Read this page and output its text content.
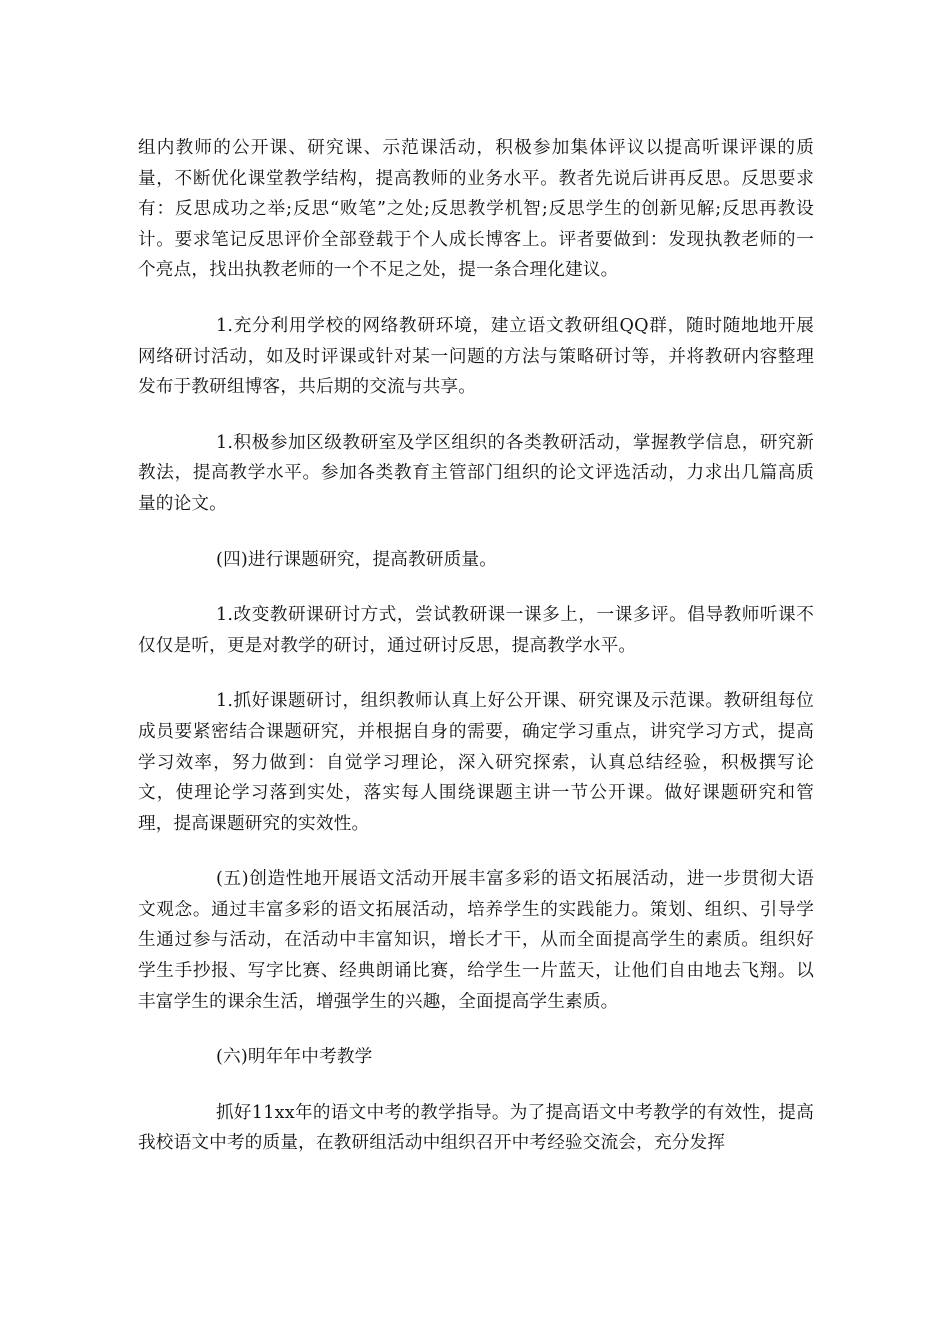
组内教师的公开课、研究课、示范课活动，积极参加集体评议以提高听课评课的质量，不断优化课堂教学结构，提高教师的业务水平。教者先说后讲再反思。反思要求有：反思成功之举;反思“败笔”之处;反思教学机智;反思学生的创新见解;反思再教设计。要求笔记反思评价全部登载于个人成长博客上。评者要做到：发现执教老师的一个亮点，找出执教老师的一个不足之处，提一条合理化建议。

1.充分利用学校的网络教研环境，建立语文教研组QQ群，随时随地地开展网络研讨活动，如及时评课或针对某一问题的方法与策略研讨等，并将教研内容整理发布于教研组博客，共后期的交流与共享。

1.积极参加区级教研室及学区组织的各类教研活动，掌握教学信息，研究新教法，提高教学水平。参加各类教育主管部门组织的论文评选活动，力求出几篇高质量的论文。

(四)进行课题研究，提高教研质量。

1.改变教研课研讨方式，尝试教研课一课多上，一课多评。倡导教师听课不仅仅是听，更是对教学的研讨，通过研讨反思，提高教学水平。

1.抓好课题研讨，组织教师认真上好公开课、研究课及示范课。教研组每位成员要紧密结合课题研究，并根据自身的需要，确定学习重点，讲究学习方式，提高学习效率，努力做到：自觉学习理论，深入研究探索，认真总结经验，积极撰写论文，使理论学习落到实处，落实每人围绕课题主讲一节公开课。做好课题研究和管理，提高课题研究的实效性。

(五)创造性地开展语文活动开展丰富多彩的语文拓展活动，进一步贯彻大语文观念。通过丰富多彩的语文拓展活动，培养学生的实践能力。策划、组织、引导学生通过参与活动，在活动中丰富知识，增长才干，从而全面提高学生的素质。组织好学生手抄报、写字比赛、经典朗诵比赛，给学生一片蓝天，让他们自由地去飞翔。以丰富学生的课余生活，增强学生的兴趣，全面提高学生素质。

(六)明年年中考教学

抓好11xx年的语文中考的教学指导。为了提高语文中考教学的有效性，提高我校语文中考的质量，在教研组活动中组织召开中考经验交流会，充分发挥
